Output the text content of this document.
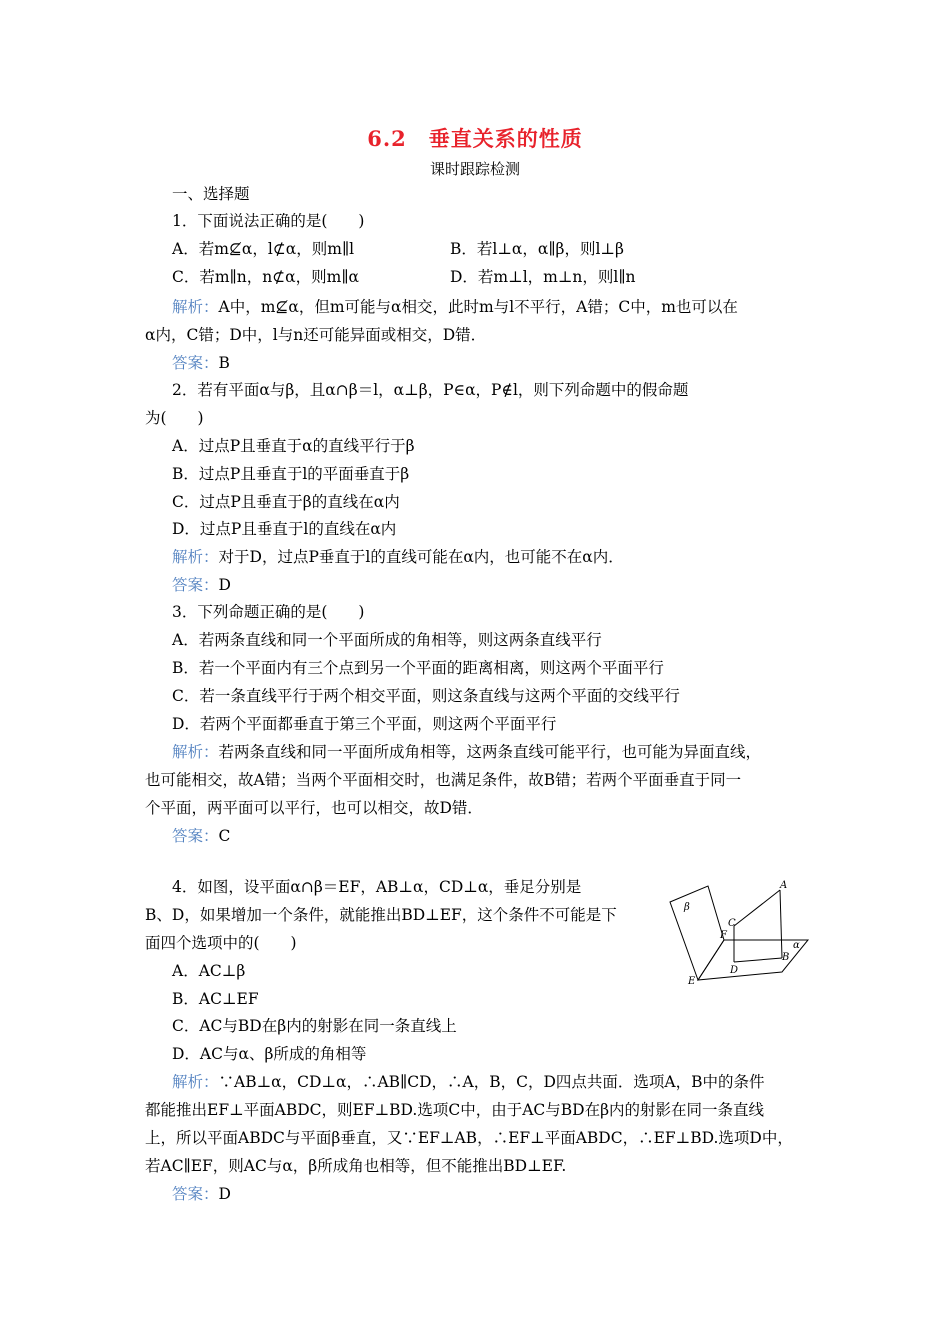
6.2　垂直关系的性质
课时跟踪检测
一、选择题
1．下面说法正确的是(　　)
A．若m⊈α，l⊄α，则m∥l	B．若l⊥α，α∥β，则l⊥β
C．若m∥n，n⊄α，则m∥α	D．若m⊥l，m⊥n，则l∥n
解析：A中，m⊈α，但m可能与α相交，此时m与l不平行，A错；C中，m也可以在
α内，C错；D中，l与n还可能异面或相交，D错．
答案：B
2．若有平面α与β，且α∩β＝l，α⊥β，P∈α，P∉l，则下列命题中的假命题
为(　　)
A．过点P且垂直于α的直线平行于β
B．过点P且垂直于l的平面垂直于β
C．过点P且垂直于β的直线在α内
D．过点P且垂直于l的直线在α内
解析：对于D，过点P垂直于l的直线可能在α内，也可能不在α内．
答案：D
3．下列命题正确的是(　　)
A．若两条直线和同一个平面所成的角相等，则这两条直线平行
B．若一个平面内有三个点到另一个平面的距离相离，则这两个平面平行
C．若一条直线平行于两个相交平面，则这条直线与这两个平面的交线平行
D．若两个平面都垂直于第三个平面，则这两个平面平行
解析：若两条直线和同一平面所成角相等，这两条直线可能平行，也可能为异面直线，
也可能相交，故A错；当两个平面相交时，也满足条件，故B错；若两个平面垂直于同一
个平面，两平面可以平行，也可以相交，故D错．
答案：C
4．如图，设平面α∩β＝EF，AB⊥α，CD⊥α，垂足分别是
B、D，如果增加一个条件，就能推出BD⊥EF，这个条件不可能是下
面四个选项中的(　　)
A．AC⊥β
B．AC⊥EF
C．AC与BD在β内的射影在同一条直线上
D．AC与α、β所成的角相等
解析：∵AB⊥α，CD⊥α，∴AB∥CD，∴A，B，C，D四点共面．选项A，B中的条件
都能推出EF⊥平面ABDC，则EF⊥BD.选项C中，由于AC与BD在β内的射影在同一条直线
上，所以平面ABDC与平面β垂直，又∵EF⊥AB，∴EF⊥平面ABDC，∴EF⊥BD.选项D中，
若AC∥EF，则AC与α，β所成角也相等，但不能推出BD⊥EF.
答案：D
A
B
C
D
E
F
α
β
